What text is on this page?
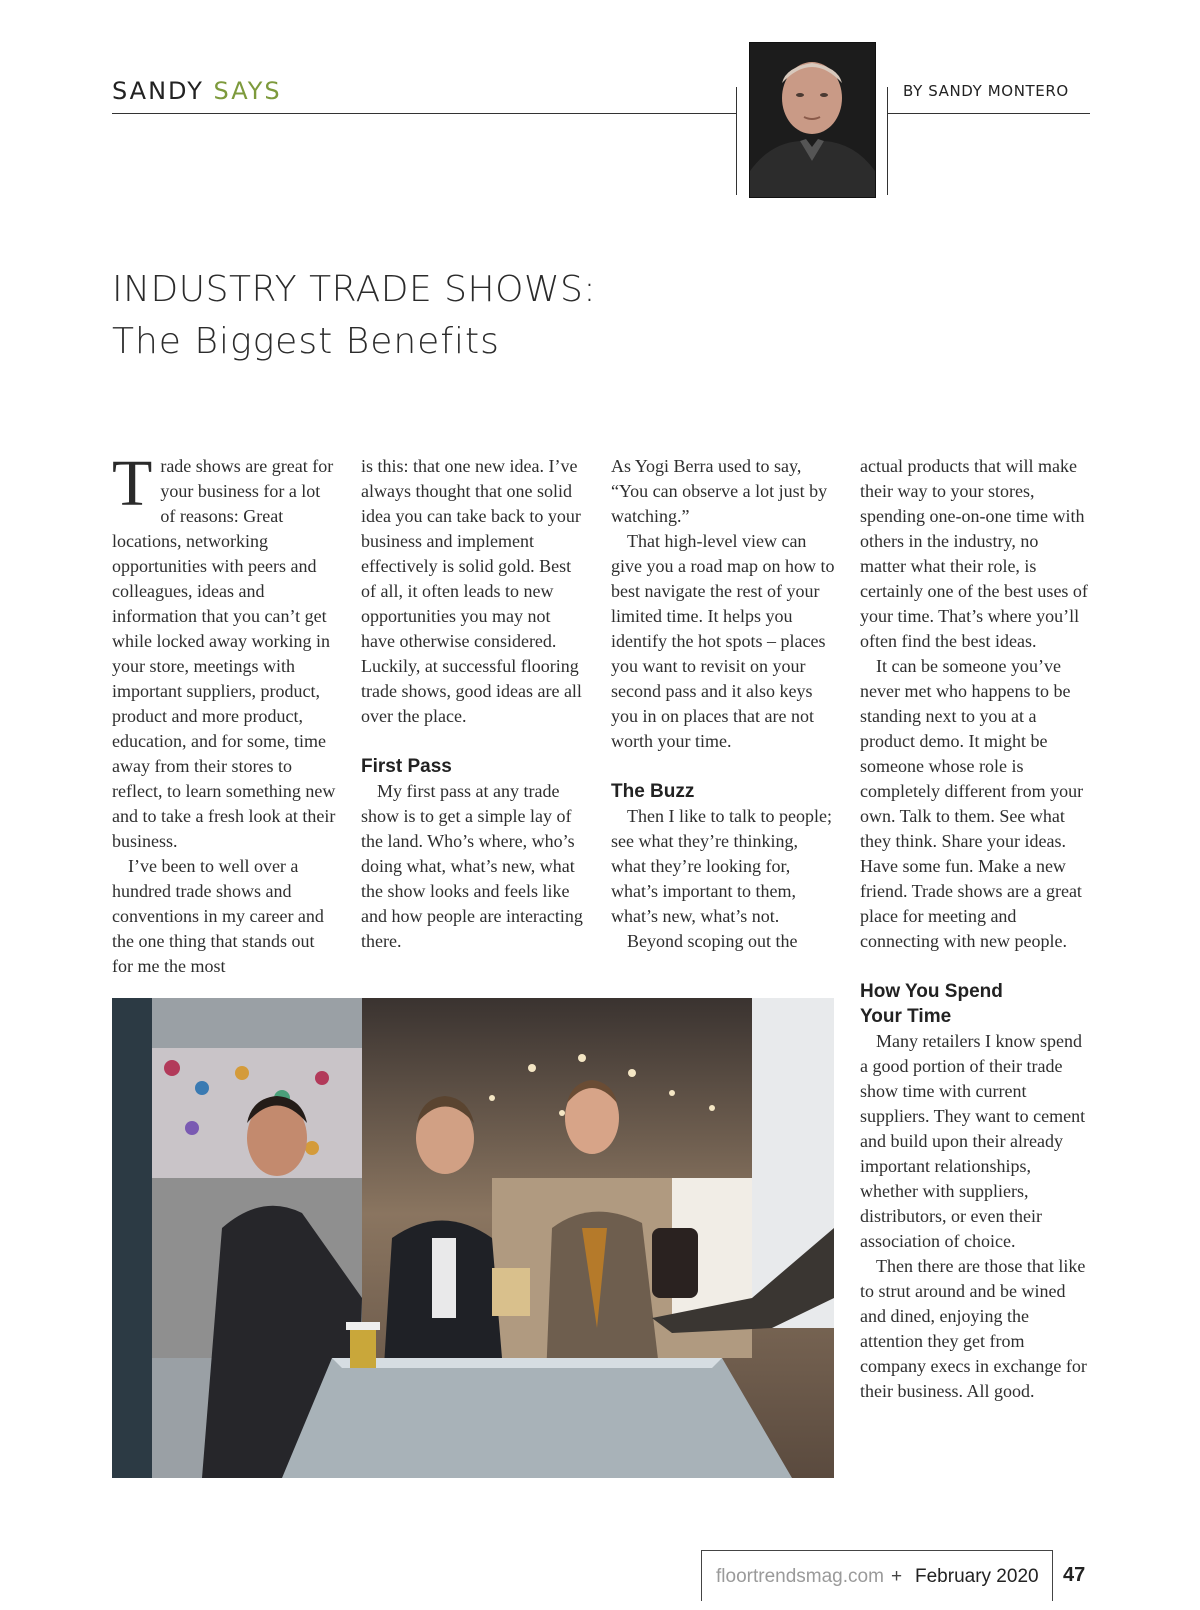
SANDY SAYS	BY SANDY MONTERO
INDUSTRY TRADE SHOWS:
The Biggest Benefits

Trade shows are great for your business for a lot of reasons: Great locations, networking opportunities with peers and colleagues, ideas and information that you can’t get while locked away working in your store, meetings with important suppliers, product, product and more product, education, and for some, time away from their stores to reflect, to learn something new and to take a fresh look at their business.

I’ve been to well over a hundred trade shows and conventions in my career and the one thing that stands out for me the most

is this: that one new idea. I’ve always thought that one solid idea you can take back to your business and implement effectively is solid gold. Best of all, it often leads to new opportunities you may not have otherwise considered. Luckily, at successful flooring trade shows, good ideas are all over the place.

First Pass

My first pass at any trade show is to get a simple lay of the land. Who’s where, who’s doing what, what’s new, what the show looks and feels like and how people are interacting there.

As Yogi Berra used to say, “You can observe a lot just by watching.”

That high-level view can give you a road map on how to best navigate the rest of your limited time. It helps you identify the hot spots – places you want to revisit on your second pass and it also keys you in on places that are not worth your time.

The Buzz

Then I like to talk to people; see what they’re thinking, what they’re looking for, what’s important to them, what’s new, what’s not.

Beyond scoping out the

actual products that will make their way to your stores, spending one-on-one time with others in the industry, no matter what their role, is certainly one of the best uses of your time. That’s where you’ll often find the best ideas.

It can be someone you’ve never met who happens to be standing next to you at a product demo. It might be someone whose role is completely different from your own. Talk to them. See what they think. Share your ideas. Have some fun. Make a new friend. Trade shows are a great place for meeting and connecting with new people.

How You Spend Your Time

Many retailers I know spend a good portion of their trade show time with current suppliers. They want to cement and build upon their already important relationships, whether with suppliers, distributors, or even their association of choice.

Then there are those that like to strut around and be wined and dined, enjoying the attention they get from company execs in exchange for their business. All good.

floortrendsmag.com + February 2020 47
